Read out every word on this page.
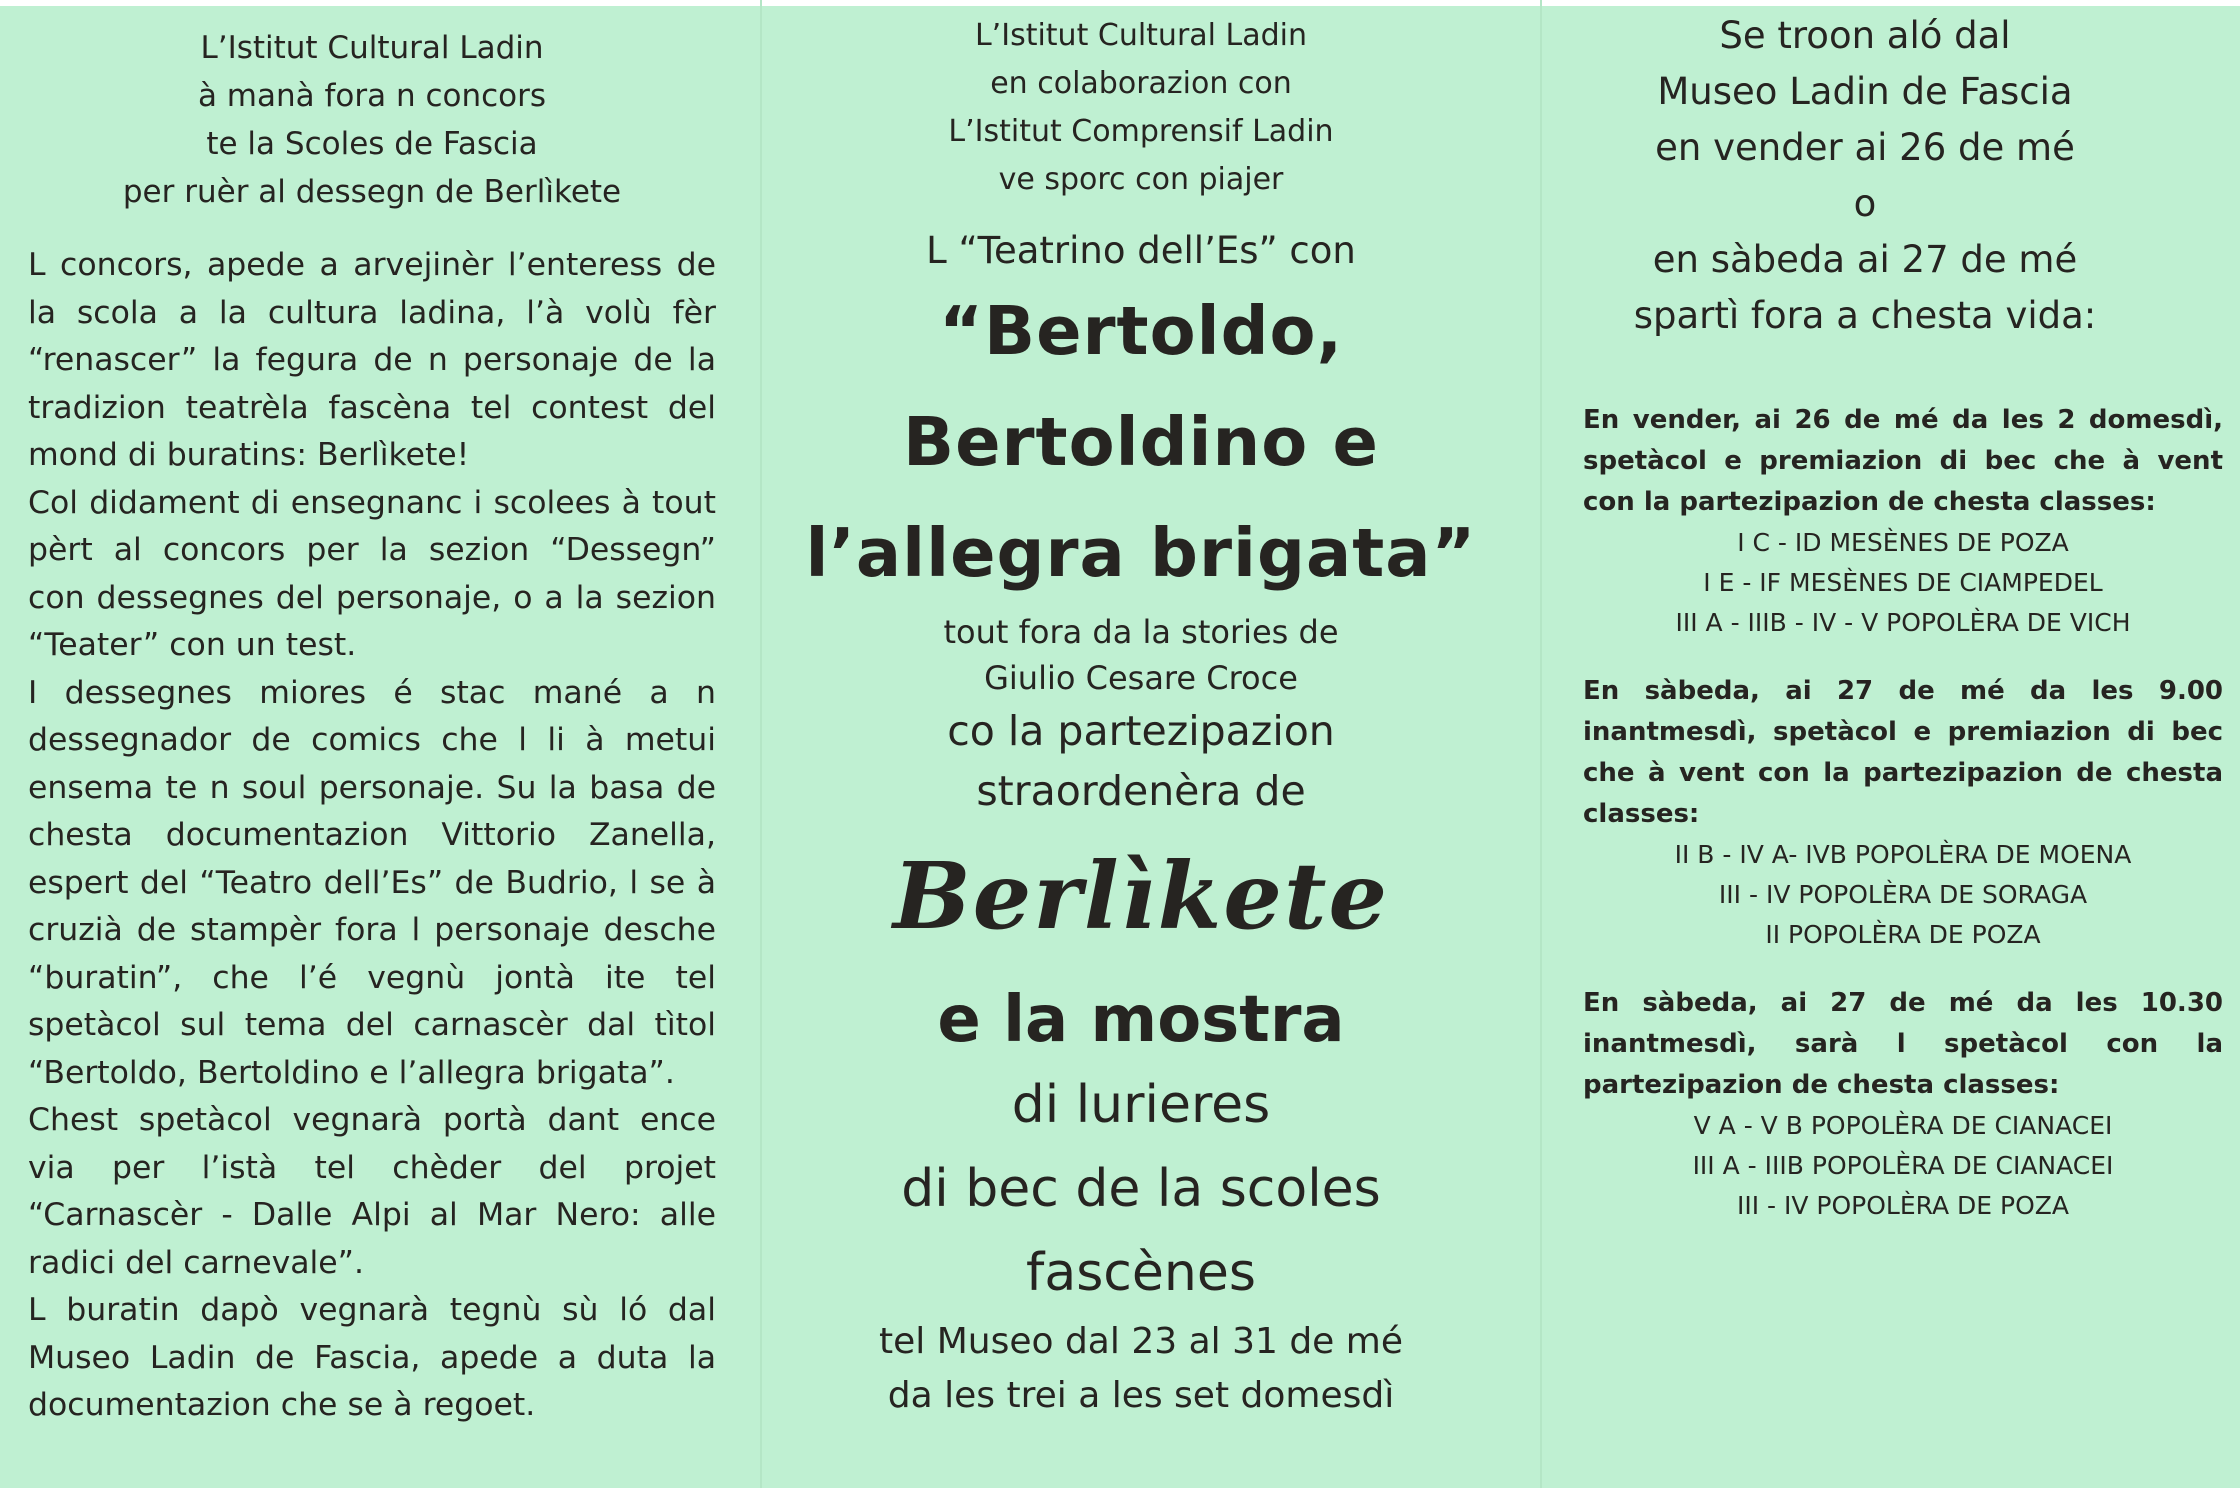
L’Istitut Cultural Ladin
à manà fora n concors
te la Scoles de Fascia
per ruèr al dessegn de Berlìkete

L concors, apede a arvejinèr l’enteress de la scola a la cultura ladina, l’à volù fèr “renascer” la fegura de n personaje de la tradizion teatrèla fascèna tel contest del mond di buratins: Berlìkete!

Col didament di ensegnanc i scolees à tout pèrt al concors per la sezion “Dessegn” con dessegnes del personaje, o a la sezion “Teater” con un test.

I dessegnes miores é stac mané a n dessegnador de comics che l li à metui ensema te n soul personaje. Su la basa de chesta documentazion Vittorio Zanella, espert del “Teatro dell’Es” de Budrio, l se à cruzià de stampèr fora l personaje desche “buratin”, che l’é vegnù jontà ite tel spetàcol sul tema del carnascèr dal tìtol “Bertoldo, Bertoldino e l’allegra brigata”.

Chest spetàcol vegnarà portà dant ence via per l’istà tel chèder del projet “Carnascèr - Dalle Alpi al Mar Nero: alle radici del carnevale”.

L buratin dapò vegnarà tegnù sù ló dal Museo Ladin de Fascia, apede a duta la documentazion che se à regoet.

L’Istitut Cultural Ladin
en colaborazion con
L’Istitut Comprensif Ladin
ve sporc con piajer
L “Teatrino dell’Es” con
“Bertoldo,
Bertoldino e
l’allegra brigata”
tout fora da la stories de
Giulio Cesare Croce
co la partezipazion
straordenèra de
Berlìkete
e la mostra
di lurieres
di bec de la scoles
fascènes
tel Museo dal 23 al 31 de mé
da les trei a les set domesdì
Se troon aló dal
Museo Ladin de Fascia
en vender ai 26 de mé
o
en sàbeda ai 27 de mé
spartì fora a chesta vida:
En vender, ai 26 de mé da les 2 domesdì, spetàcol e premiazion di bec che à vent con la partezipazion de chesta classes:
I C - ID MESÈNES DE POZA
I E - IF MESÈNES DE CIAMPEDEL
III A - IIIB - IV - V POPOLÈRA DE VICH
En sàbeda, ai 27 de mé da les 9.00 inantmesdì, spetàcol e premiazion di bec che à vent con la partezipazion de chesta classes:
II B - IV A- IVB POPOLÈRA DE MOENA
III - IV POPOLÈRA DE SORAGA
II POPOLÈRA DE POZA
En sàbeda, ai 27 de mé da les 10.30 inantmesdì, sarà l spetàcol con la partezipazion de chesta classes:
V A - V B POPOLÈRA DE CIANACEI
III A - IIIB POPOLÈRA DE CIANACEI
III - IV POPOLÈRA DE POZA
